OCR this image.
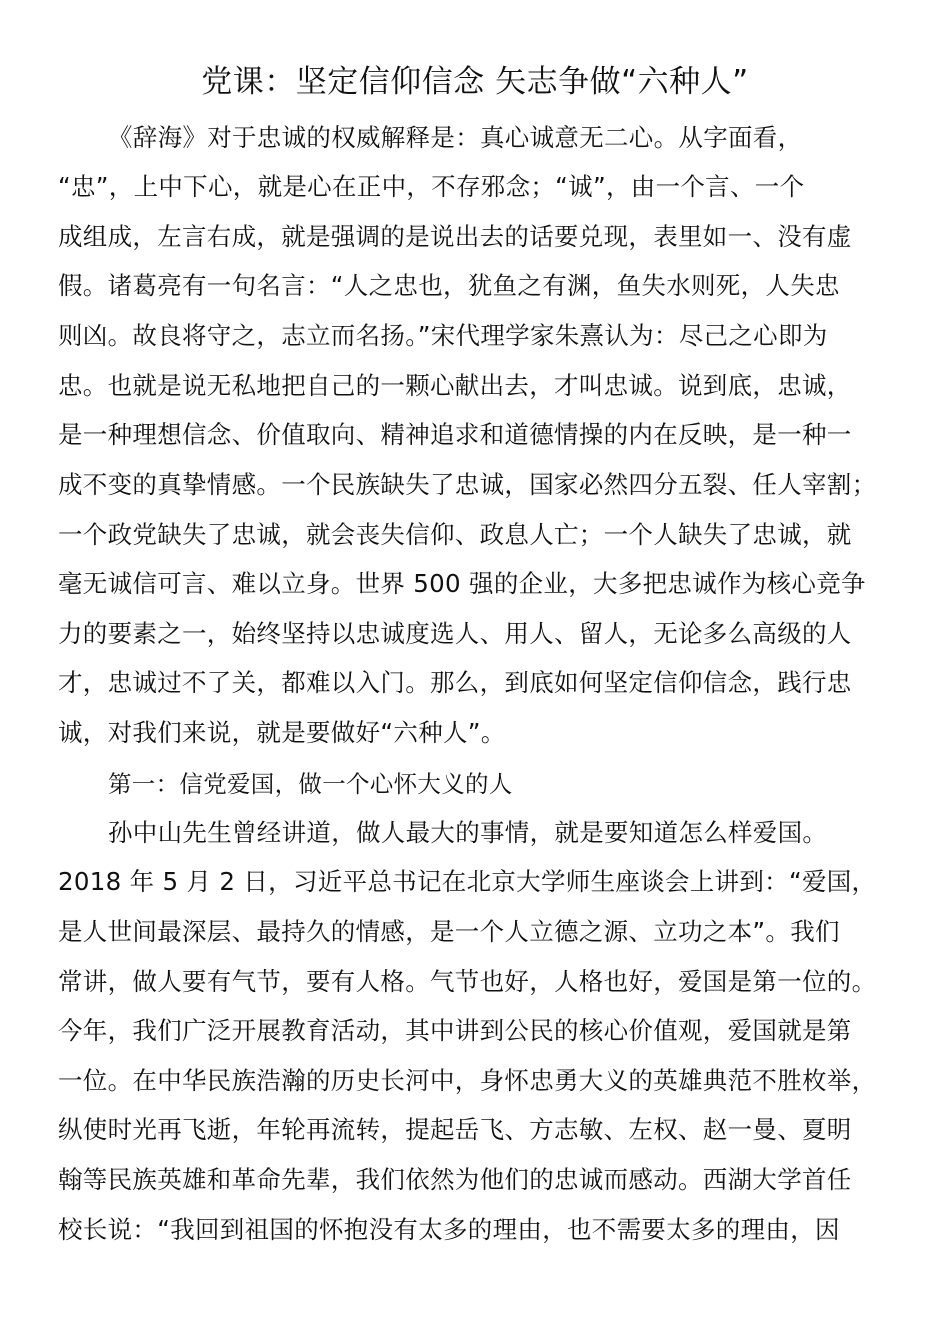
党课：坚定信仰信念 矢志争做“六种人”

《辞海》对于忠诚的权威解释是：真心诚意无二心。从字面看，

“忠”，上中下心，就是心在正中，不存邪念；“诚”，由一个言、一个

成组成，左言右成，就是强调的是说出去的话要兑现，表里如一、没有虚

假。诸葛亮有一句名言：“人之忠也，犹鱼之有渊，鱼失水则死，人失忠

则凶。故良将守之，志立而名扬。”宋代理学家朱熹认为：尽己之心即为

忠。也就是说无私地把自己的一颗心献出去，才叫忠诚。说到底，忠诚，

是一种理想信念、价值取向、精神追求和道德情操的内在反映，是一种一

成不变的真挚情感。一个民族缺失了忠诚，国家必然四分五裂、任人宰割；

一个政党缺失了忠诚，就会丧失信仰、政息人亡；一个人缺失了忠诚，就

毫无诚信可言、难以立身。世界 500 强的企业，大多把忠诚作为核心竞争

力的要素之一，始终坚持以忠诚度选人、用人、留人，无论多么高级的人

才，忠诚过不了关，都难以入门。那么，到底如何坚定信仰信念，践行忠

诚，对我们来说，就是要做好“六种人”。

第一：信党爱国，做一个心怀大义的人

孙中山先生曾经讲道，做人最大的事情，就是要知道怎么样爱国。

2018 年 5 月 2 日，习近平总书记在北京大学师生座谈会上讲到：“爱国，

是人世间最深层、最持久的情感，是一个人立德之源、立功之本”。我们

常讲，做人要有气节，要有人格。气节也好，人格也好，爱国是第一位的。

今年，我们广泛开展教育活动，其中讲到公民的核心价值观，爱国就是第

一位。在中华民族浩瀚的历史长河中，身怀忠勇大义的英雄典范不胜枚举，

纵使时光再飞逝，年轮再流转，提起岳飞、方志敏、左权、赵一曼、夏明

翰等民族英雄和革命先辈，我们依然为他们的忠诚而感动。西湖大学首任

校长说：“我回到祖国的怀抱没有太多的理由，也不需要太多的理由，因
